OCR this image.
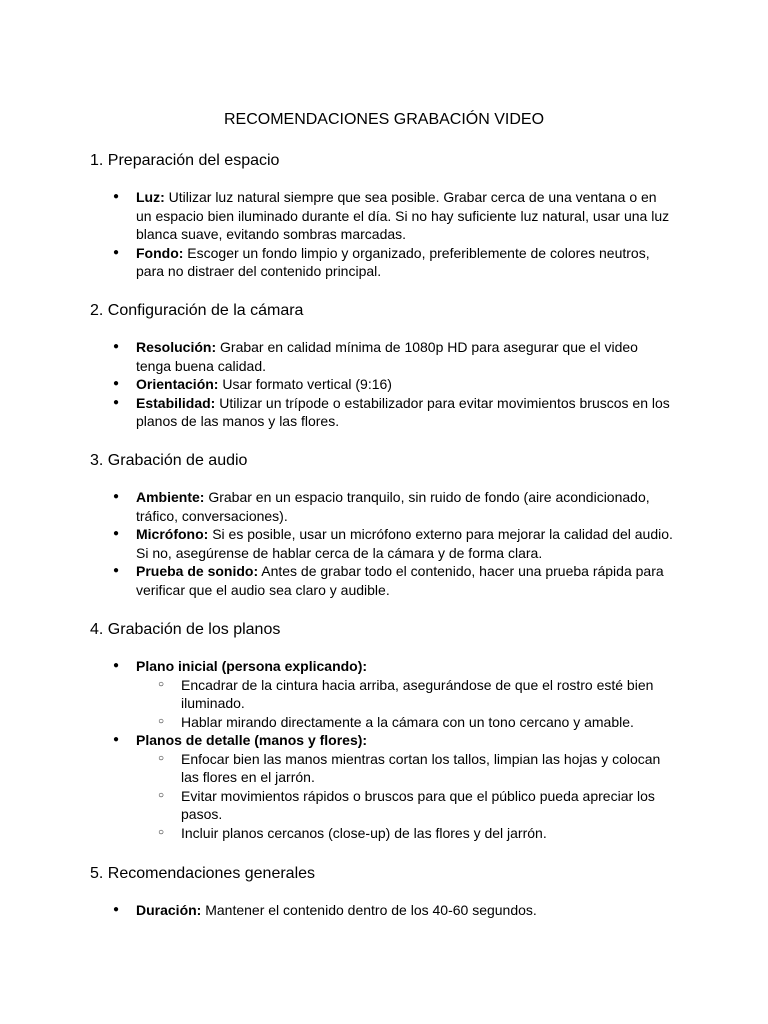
RECOMENDACIONES GRABACIÓN VIDEO
1. Preparación del espacio
● Luz: Utilizar luz natural siempre que sea posible. Grabar cerca de una ventana o en un espacio bien iluminado durante el día. Si no hay suficiente luz natural, usar una luz blanca suave, evitando sombras marcadas.
● Fondo: Escoger un fondo limpio y organizado, preferiblemente de colores neutros, para no distraer del contenido principal.
2. Configuración de la cámara
● Resolución: Grabar en calidad mínima de 1080p HD para asegurar que el video tenga buena calidad.
● Orientación: Usar formato vertical (9:16)
● Estabilidad: Utilizar un trípode o estabilizador para evitar movimientos bruscos en los planos de las manos y las flores.
3. Grabación de audio
● Ambiente: Grabar en un espacio tranquilo, sin ruido de fondo (aire acondicionado, tráfico, conversaciones).
● Micrófono: Si es posible, usar un micrófono externo para mejorar la calidad del audio. Si no, asegúrense de hablar cerca de la cámara y de forma clara.
● Prueba de sonido: Antes de grabar todo el contenido, hacer una prueba rápida para verificar que el audio sea claro y audible.
4. Grabación de los planos
● Plano inicial (persona explicando):
○ Encadrar de la cintura hacia arriba, asegurándose de que el rostro esté bien iluminado.
○ Hablar mirando directamente a la cámara con un tono cercano y amable.
● Planos de detalle (manos y flores):
○ Enfocar bien las manos mientras cortan los tallos, limpian las hojas y colocan las flores en el jarrón.
○ Evitar movimientos rápidos o bruscos para que el público pueda apreciar los pasos.
○ Incluir planos cercanos (close-up) de las flores y del jarrón.
5. Recomendaciones generales
● Duración: Mantener el contenido dentro de los 40-60 segundos.
